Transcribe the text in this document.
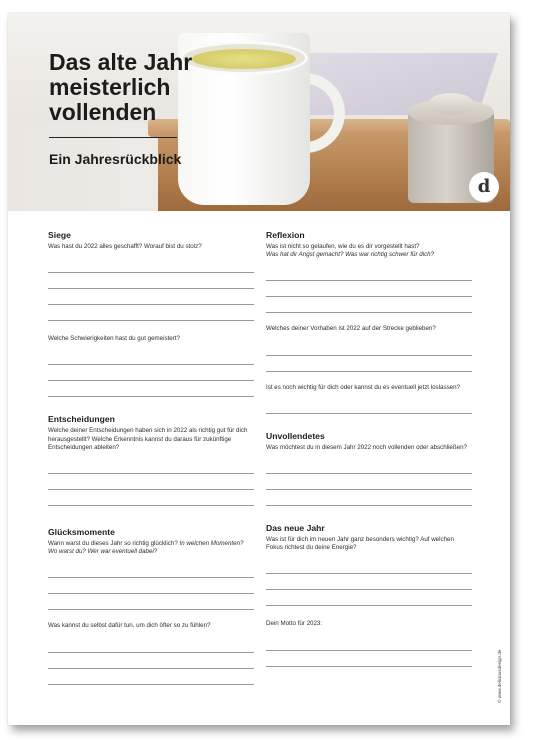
Das alte Jahr
meisterlich
vollenden
Ein Jahresrückblick
d
Siege
Was hast du 2022 alles geschafft? Worauf bist du stolz?
Welche Schwierigkeiten hast du gut gemeistert?
Entscheidungen
Welche deiner Entscheidungen haben sich in 2022 als richtig gut für dich herausgestellt? Welche Erkenntnis kannst du daraus für zukünftige Entscheidungen ableiten?
Glücksmomente
Wann warst du dieses Jahr so richtig glücklich? In welchen Momenten? Wo warst du? Wer war eventuell dabei?
Was kannst du selbst dafür tun, um dich öfter so zu fühlen?
Reflexion
Was ist nicht so gelaufen, wie du es dir vorgestellt hast?
Was hat dir Angst gemacht? Was war richtig schwer für dich?
Welches deiner Vorhaben ist 2022 auf der Strecke geblieben?
Ist es noch wichtig für dich oder kannst du es eventuell jetzt loslassen?
Unvollendetes
Was möchtest du in diesem Jahr 2022 noch vollenden oder abschließen?
Das neue Jahr
Was ist für dich im neuen Jahr ganz besonders wichtig? Auf welchen Fokus richtest du deine Energie?
Dein Motto für 2023:
© www.deliciousdesign.de
